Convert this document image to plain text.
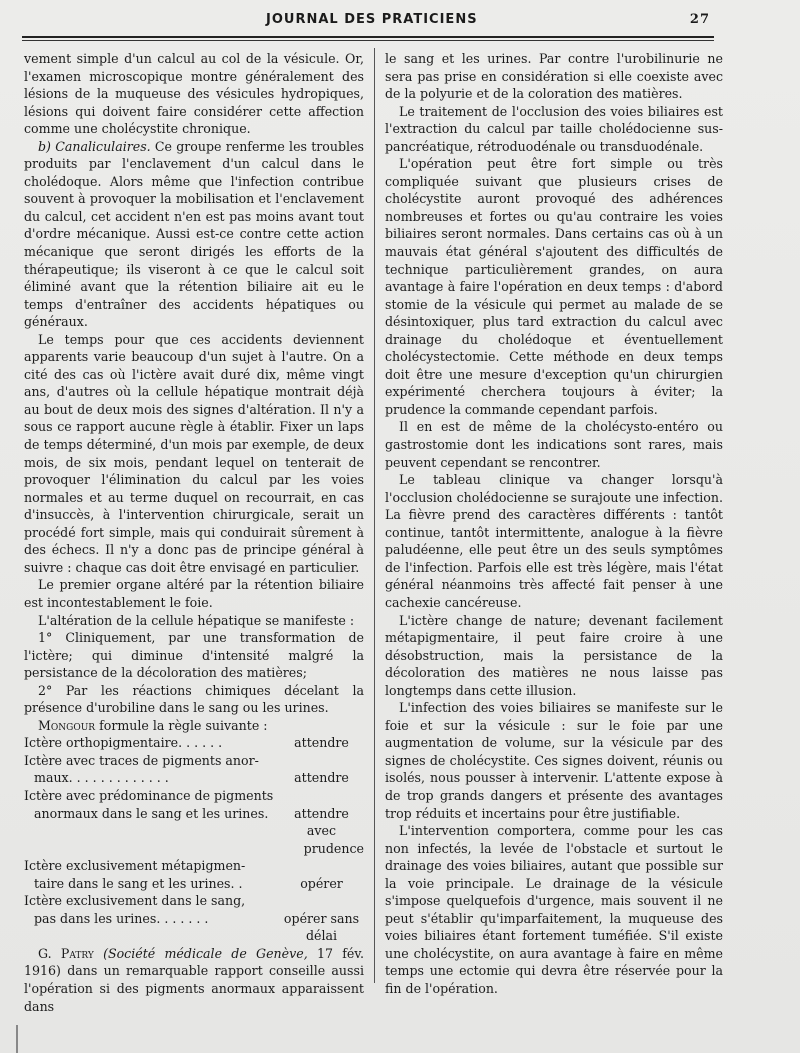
JOURNAL DES PRATICIENS	27

vement simple d'un calcul au col de la vésicule. Or, l'examen microscopique montre généralement des lésions de la muqueuse des vésicules hydropiques, lésions qui doivent faire considérer cette affection comme une cholécystite chronique.

b) Canaliculaires. Ce groupe renferme les troubles produits par l'enclavement d'un calcul dans le cholédoque. Alors même que l'infection contribue souvent à provoquer la mobilisation et l'enclavement du calcul, cet accident n'en est pas moins avant tout d'ordre mécanique. Aussi est-ce contre cette action mécanique que seront dirigés les efforts de la thérapeutique; ils viseront à ce que le calcul soit éliminé avant que la rétention biliaire ait eu le temps d'entraîner des accidents hépatiques ou généraux.

Le temps pour que ces accidents deviennent apparents varie beaucoup d'un sujet à l'autre. On a cité des cas où l'ictère avait duré dix, même vingt ans, d'autres où la cellule hépatique montrait déjà au bout de deux mois des signes d'altération. Il n'y a sous ce rapport aucune règle à établir. Fixer un laps de temps déterminé, d'un mois par exemple, de deux mois, de six mois, pendant lequel on tenterait de provoquer l'élimination du calcul par les voies normales et au terme duquel on recourrait, en cas d'insuccès, à l'intervention chirurgicale, serait un procédé fort simple, mais qui conduirait sûrement à des échecs. Il n'y a donc pas de principe général à suivre : chaque cas doit être envisagé en particulier.

Le premier organe altéré par la rétention biliaire est incontestablement le foie.

L'altération de la cellule hépatique se manifeste :

1° Cliniquement, par une transformation de l'ictère; qui diminue d'intensité malgré la persistance de la décoloration des matières;

2° Par les réactions chimiques décelant la présence d'urobiline dans le sang ou les urines.

Mongour formule la règle suivante :

Ictère orthopigmentaire. . . . . .	attendre
Ictère avec traces de pigments anor-
maux. . . . . . . . . . . . .	attendre
Ictère avec prédominance de pigments
anormaux dans le sang et les urines.	attendre avec
prudence
Ictère exclusivement métapigmen-
taire dans le sang et les urines. .	opérer
Ictère exclusivement dans le sang,
pas dans les urines. . . . . . .	opérer sans
délai

G. Patry (Société médicale de Genève, 17 fév. 1916) dans un remarquable rapport conseille aussi l'opération si des pigments anormaux apparaissent dans

le sang et les urines. Par contre l'urobilinurie ne sera pas prise en considération si elle coexiste avec de la polyurie et de la coloration des matières.

Le traitement de l'occlusion des voies biliaires est l'extraction du calcul par taille cholédocienne sus-pancréatique, rétroduodénale ou transduodénale.

L'opération peut être fort simple ou très compliquée suivant que plusieurs crises de cholécystite auront provoqué des adhérences nombreuses et fortes ou qu'au contraire les voies biliaires seront normales. Dans certains cas où à un mauvais état général s'ajoutent des difficultés de technique particulièrement grandes, on aura avantage à faire l'opération en deux temps : d'abord stomie de la vésicule qui permet au malade de se désintoxiquer, plus tard extraction du calcul avec drainage du cholédoque et éventuellement cholécystectomie. Cette méthode en deux temps doit être une mesure d'exception qu'un chirurgien expérimenté cherchera toujours à éviter; la prudence la commande cependant parfois.

Il en est de même de la cholécysto-entéro ou gastrostomie dont les indications sont rares, mais peuvent cependant se rencontrer.

Le tableau clinique va changer lorsqu'à l'occlusion cholédocienne se surajoute une infection. La fièvre prend des caractères différents : tantôt continue, tantôt intermittente, analogue à la fièvre paludéenne, elle peut être un des seuls symptômes de l'infection. Parfois elle est très légère, mais l'état général néanmoins très affecté fait penser à une cachexie cancéreuse.

L'ictère change de nature; devenant facilement métapigmentaire, il peut faire croire à une désobstruction, mais la persistance de la décoloration des matières ne nous laisse pas longtemps dans cette illusion.

L'infection des voies biliaires se manifeste sur le foie et sur la vésicule : sur le foie par une augmentation de volume, sur la vésicule par des signes de cholécystite. Ces signes doivent, réunis ou isolés, nous pousser à intervenir. L'attente expose à de trop grands dangers et présente des avantages trop réduits et incertains pour être justifiable.

L'intervention comportera, comme pour les cas non infectés, la levée de l'obstacle et surtout le drainage des voies biliaires, autant que possible sur la voie principale. Le drainage de la vésicule s'impose quelquefois d'urgence, mais souvent il ne peut s'établir qu'imparfaitement, la muqueuse des voies biliaires étant fortement tuméfiée. S'il existe une cholécystite, on aura avantage à faire en même temps une ectomie qui devra être réservée pour la fin de l'opération.
